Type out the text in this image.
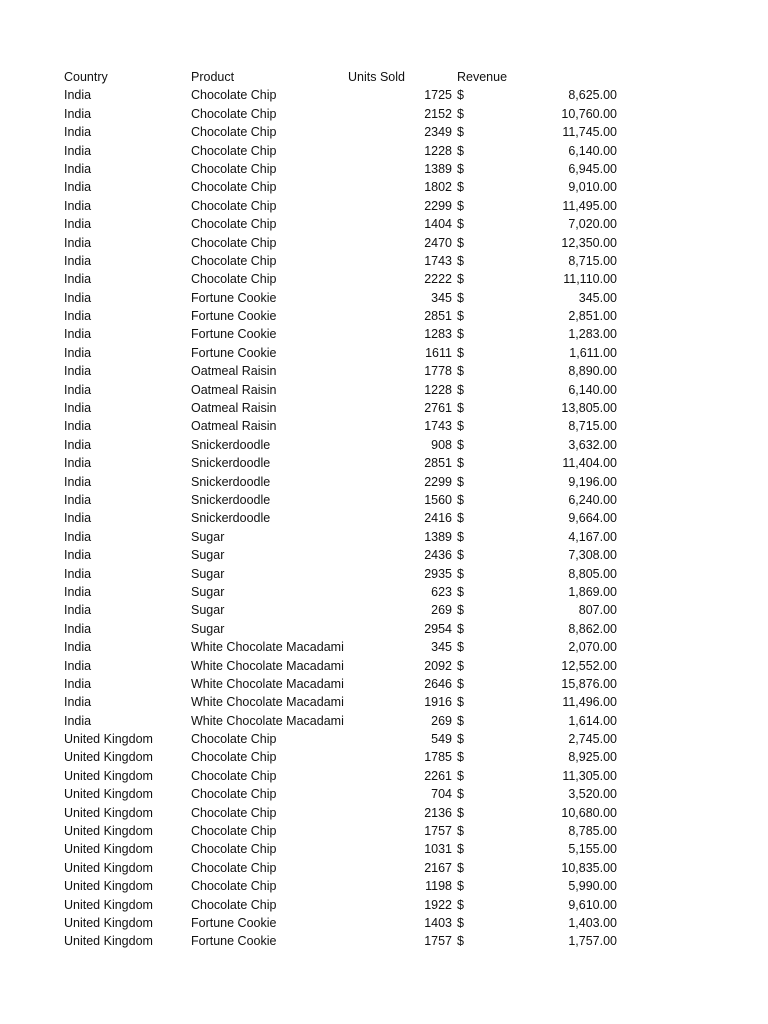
Country	Product	Units Sold	Revenue
India	Chocolate Chip	1725 $	8,625.00
India	Chocolate Chip	2152 $	10,760.00
India	Chocolate Chip	2349 $	11,745.00
India	Chocolate Chip	1228 $	6,140.00
India	Chocolate Chip	1389 $	6,945.00
India	Chocolate Chip	1802 $	9,010.00
India	Chocolate Chip	2299 $	11,495.00
India	Chocolate Chip	1404 $	7,020.00
India	Chocolate Chip	2470 $	12,350.00
India	Chocolate Chip	1743 $	8,715.00
India	Chocolate Chip	2222 $	11,110.00
India	Fortune Cookie	345 $	345.00
India	Fortune Cookie	2851 $	2,851.00
India	Fortune Cookie	1283 $	1,283.00
India	Fortune Cookie	1611 $	1,611.00
India	Oatmeal Raisin	1778 $	8,890.00
India	Oatmeal Raisin	1228 $	6,140.00
India	Oatmeal Raisin	2761 $	13,805.00
India	Oatmeal Raisin	1743 $	8,715.00
India	Snickerdoodle	908 $	3,632.00
India	Snickerdoodle	2851 $	11,404.00
India	Snickerdoodle	2299 $	9,196.00
India	Snickerdoodle	1560 $	6,240.00
India	Snickerdoodle	2416 $	9,664.00
India	Sugar	1389 $	4,167.00
India	Sugar	2436 $	7,308.00
India	Sugar	2935 $	8,805.00
India	Sugar	623 $	1,869.00
India	Sugar	269 $	807.00
India	Sugar	2954 $	8,862.00
India	White Chocolate Macadami	345 $	2,070.00
India	White Chocolate Macadami	2092 $	12,552.00
India	White Chocolate Macadami	2646 $	15,876.00
India	White Chocolate Macadami	1916 $	11,496.00
India	White Chocolate Macadami	269 $	1,614.00
United Kingdom	Chocolate Chip	549 $	2,745.00
United Kingdom	Chocolate Chip	1785 $	8,925.00
United Kingdom	Chocolate Chip	2261 $	11,305.00
United Kingdom	Chocolate Chip	704 $	3,520.00
United Kingdom	Chocolate Chip	2136 $	10,680.00
United Kingdom	Chocolate Chip	1757 $	8,785.00
United Kingdom	Chocolate Chip	1031 $	5,155.00
United Kingdom	Chocolate Chip	2167 $	10,835.00
United Kingdom	Chocolate Chip	1198 $	5,990.00
United Kingdom	Chocolate Chip	1922 $	9,610.00
United Kingdom	Fortune Cookie	1403 $	1,403.00
United Kingdom	Fortune Cookie	1757 $	1,757.00
